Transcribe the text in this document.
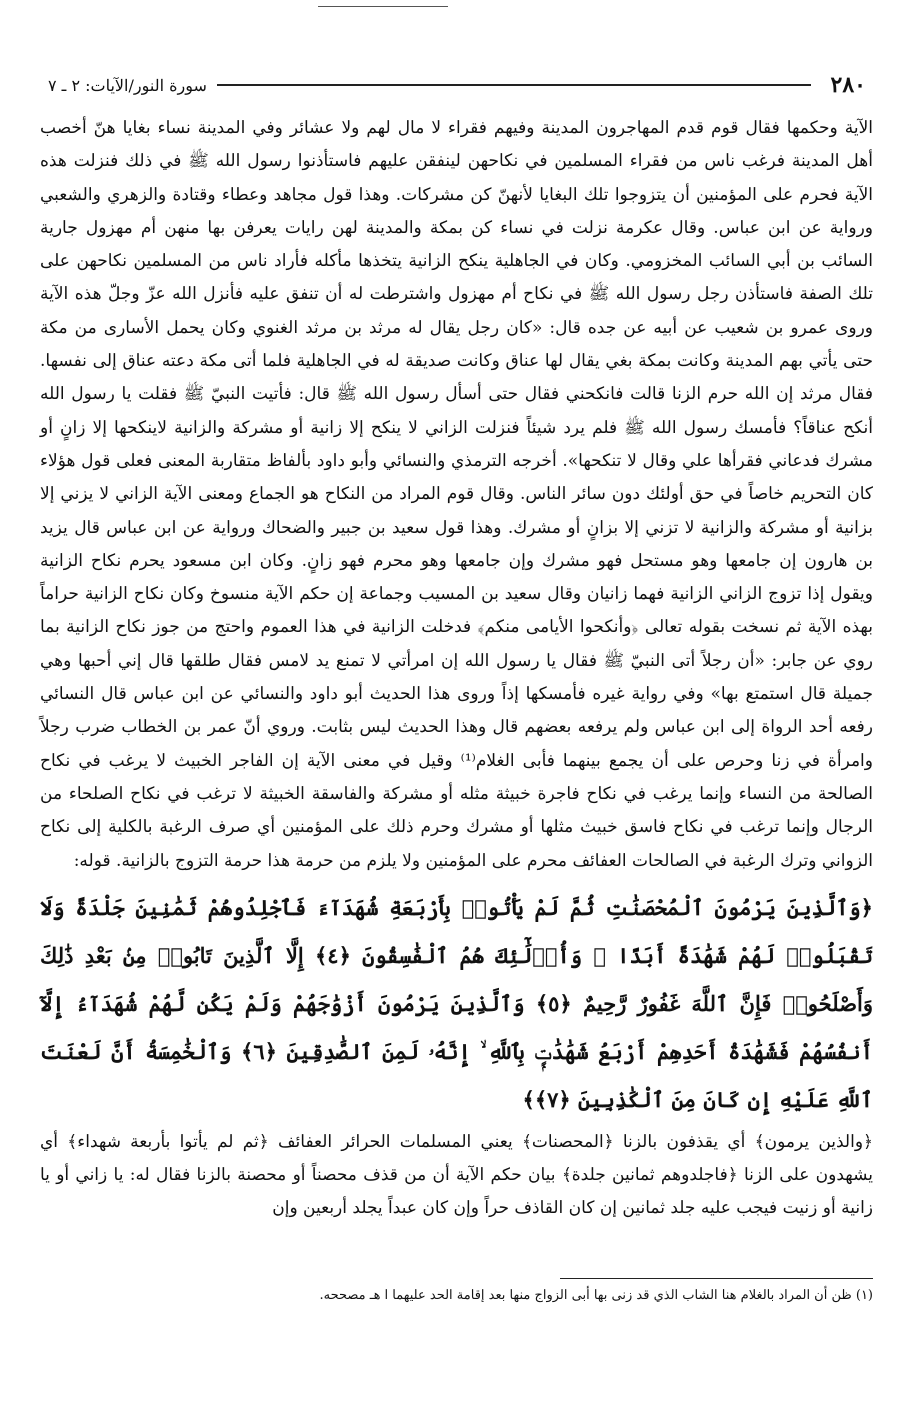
٢٨٠
سورة النور/الآيات: ٢ ـ ٧

الآية وحكمها فقال قوم قدم المهاجرون المدينة وفيهم فقراء لا مال لهم ولا عشائر وفي المدينة نساء بغايا هنّ أخصب أهل المدينة فرغب ناس من فقراء المسلمين في نكاحهن لينفقن عليهم فاستأذنوا رسول الله ﷺ في ذلك فنزلت هذه الآية فحرم على المؤمنين أن يتزوجوا تلك البغايا لأنهنّ كن مشركات. وهذا قول مجاهد وعطاء وقتادة والزهري والشعبي ورواية عن ابن عباس. وقال عكرمة نزلت في نساء كن بمكة والمدينة لهن رايات يعرفن بها منهن أم مهزول جارية السائب بن أبي السائب المخزومي. وكان في الجاهلية ينكح الزانية يتخذها مأكله فأراد ناس من المسلمين نكاحهن على تلك الصفة فاستأذن رجل رسول الله ﷺ في نكاح أم مهزول واشترطت له أن تنفق عليه فأنزل الله عزّ وجلّ هذه الآية وروى عمرو بن شعيب عن أبيه عن جده قال: «كان رجل يقال له مرثد بن مرثد الغنوي وكان يحمل الأسارى من مكة حتى يأتي بهم المدينة وكانت بمكة بغي يقال لها عناق وكانت صديقة له في الجاهلية فلما أتى مكة دعته عناق إلى نفسها. فقال مرثد إن الله حرم الزنا قالت فانكحني فقال حتى أسأل رسول الله ﷺ قال: فأتيت النبيّ ﷺ فقلت يا رسول الله أنكح عناقاً؟ فأمسك رسول الله ﷺ فلم يرد شيئاً فنزلت الزاني لا ينكح إلا زانية أو مشركة والزانية لاينكحها إلا زانٍ أو مشرك فدعاني فقرأها علي وقال لا تنكحها». أخرجه الترمذي والنسائي وأبو داود بألفاظ متقاربة المعنى فعلى قول هؤلاء كان التحريم خاصاً في حق أولئك دون سائر الناس. وقال قوم المراد من النكاح هو الجماع ومعنى الآية الزاني لا يزني إلا بزانية أو مشركة والزانية لا تزني إلا بزانٍ أو مشرك. وهذا قول سعيد بن جبير والضحاك ورواية عن ابن عباس قال يزيد بن هارون إن جامعها وهو مستحل فهو مشرك وإن جامعها وهو محرم فهو زانٍ. وكان ابن مسعود يحرم نكاح الزانية ويقول إذا تزوج الزاني الزانية فهما زانيان وقال سعيد بن المسيب وجماعة إن حكم الآية منسوخ وكان نكاح الزانية حراماً بهذه الآية ثم نسخت بقوله تعالى ﴿وأنكحوا الأيامى منكم﴾ فدخلت الزانية في هذا العموم واحتج من جوز نكاح الزانية بما روي عن جابر: «أن رجلاً أتى النبيّ ﷺ فقال يا رسول الله إن امرأتي لا تمنع يد لامس فقال طلقها قال إني أحبها وهي جميلة قال استمتع بها» وفي رواية غيره فأمسكها إذاً وروى هذا الحديث أبو داود والنسائي عن ابن عباس قال النسائي رفعه أحد الرواة إلى ابن عباس ولم يرفعه بعضهم قال وهذا الحديث ليس بثابت. وروي أنّ عمر بن الخطاب ضرب رجلاً وامرأة في زنا وحرص على أن يجمع بينهما فأبى الغلام⁽¹⁾ وقيل في معنى الآية إن الفاجر الخبيث لا يرغب في نكاح الصالحة من النساء وإنما يرغب في نكاح فاجرة خبيثة مثله أو مشركة والفاسقة الخبيثة لا ترغب في نكاح الصلحاء من الرجال وإنما ترغب في نكاح فاسق خبيث مثلها أو مشرك وحرم ذلك على المؤمنين أي صرف الرغبة بالكلية إلى نكاح الزواني وترك الرغبة في الصالحات العفائف محرم على المؤمنين ولا يلزم من حرمة هذا حرمة التزوج بالزانية. قوله:

﴿وَٱلَّذِينَ يَرْمُونَ ٱلْمُحْصَنَٰتِ ثُمَّ لَمْ يَأْتُوا۟ بِأَرْبَعَةِ شُهَدَآءَ فَٱجْلِدُوهُمْ ثَمَٰنِينَ جَلْدَةً وَلَا تَقْبَلُوا۟ لَهُمْ شَهَٰدَةً أَبَدًا ۚ وَأُو۟لَٰٓئِكَ هُمُ ٱلْفَٰسِقُونَ ﴿٤﴾ إِلَّا ٱلَّذِينَ تَابُوا۟ مِنۢ بَعْدِ ذَٰلِكَ وَأَصْلَحُوا۟ فَإِنَّ ٱللَّهَ غَفُورٌ رَّحِيمٌ ﴿٥﴾ وَٱلَّذِينَ يَرْمُونَ أَزْوَٰجَهُمْ وَلَمْ يَكُن لَّهُمْ شُهَدَآءُ إِلَّآ أَنفُسُهُمْ فَشَهَٰدَةُ أَحَدِهِمْ أَرْبَعُ شَهَٰدَٰتٍۭ بِٱللَّهِ ۙ إِنَّهُۥ لَمِنَ ٱلصَّٰدِقِينَ ﴿٦﴾ وَٱلْخَٰمِسَةُ أَنَّ لَعْنَتَ ٱللَّهِ عَلَيْهِ إِن كَانَ مِنَ ٱلْكَٰذِبِينَ ﴿٧﴾﴾

﴿والذين يرمون﴾ أي يقذفون بالزنا ﴿المحصنات﴾ يعني المسلمات الحرائر العفائف ﴿ثم لم يأتوا بأربعة شهداء﴾ أي يشهدون على الزنا ﴿فاجلدوهم ثمانين جلدة﴾ بيان حكم الآية أن من قذف محصناً أو محصنة بالزنا فقال له: يا زاني أو يا زانية أو زنيت فيجب عليه جلد ثمانين إن كان القاذف حراً وإن كان عبداً يجلد أربعين وإن

(١) ظن أن المراد بالغلام هنا الشاب الذي قد زنى بها أبى الزواج منها بعد إقامة الحد عليهما ا هـ مصححه.
